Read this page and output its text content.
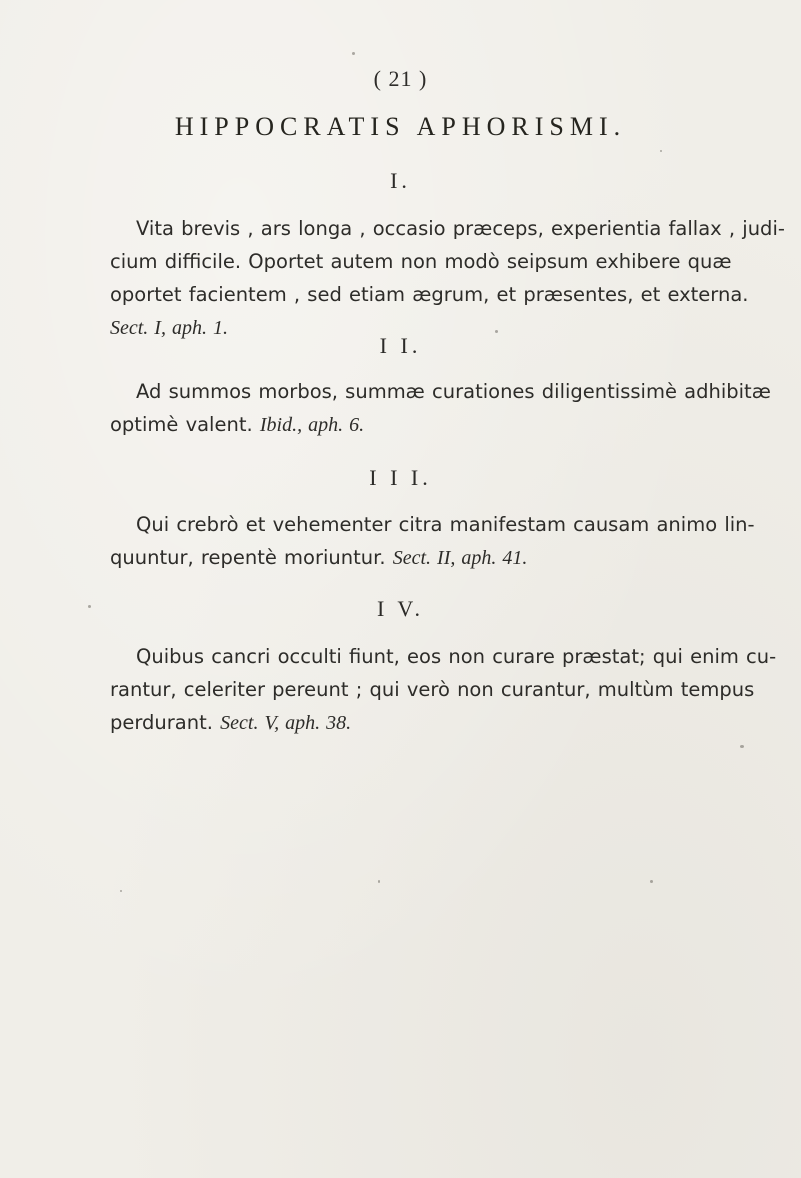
( 21 )
HIPPOCRATIS APHORISMI.
I.
Vita brevis , ars longa , occasio præceps, experientia fallax , judi-
cium difficile. Oportet autem non modò seipsum exhibere quæ
oportet facientem , sed etiam ægrum, et præsentes, et externa.
Sect. I, aph. 1.
I I.
Ad summos morbos, summæ curationes diligentissimè adhibitæ
optimè valent. Ibid., aph. 6.
I I I.
Qui crebrò et vehementer citra manifestam causam animo lin-
quuntur, repentè moriuntur. Sect. II, aph. 41.
I V.
Quibus cancri occulti fiunt, eos non curare præstat; qui enim cu-
rantur, celeriter pereunt ; qui verò non curantur, multùm tempus
perdurant. Sect. V, aph. 38.
